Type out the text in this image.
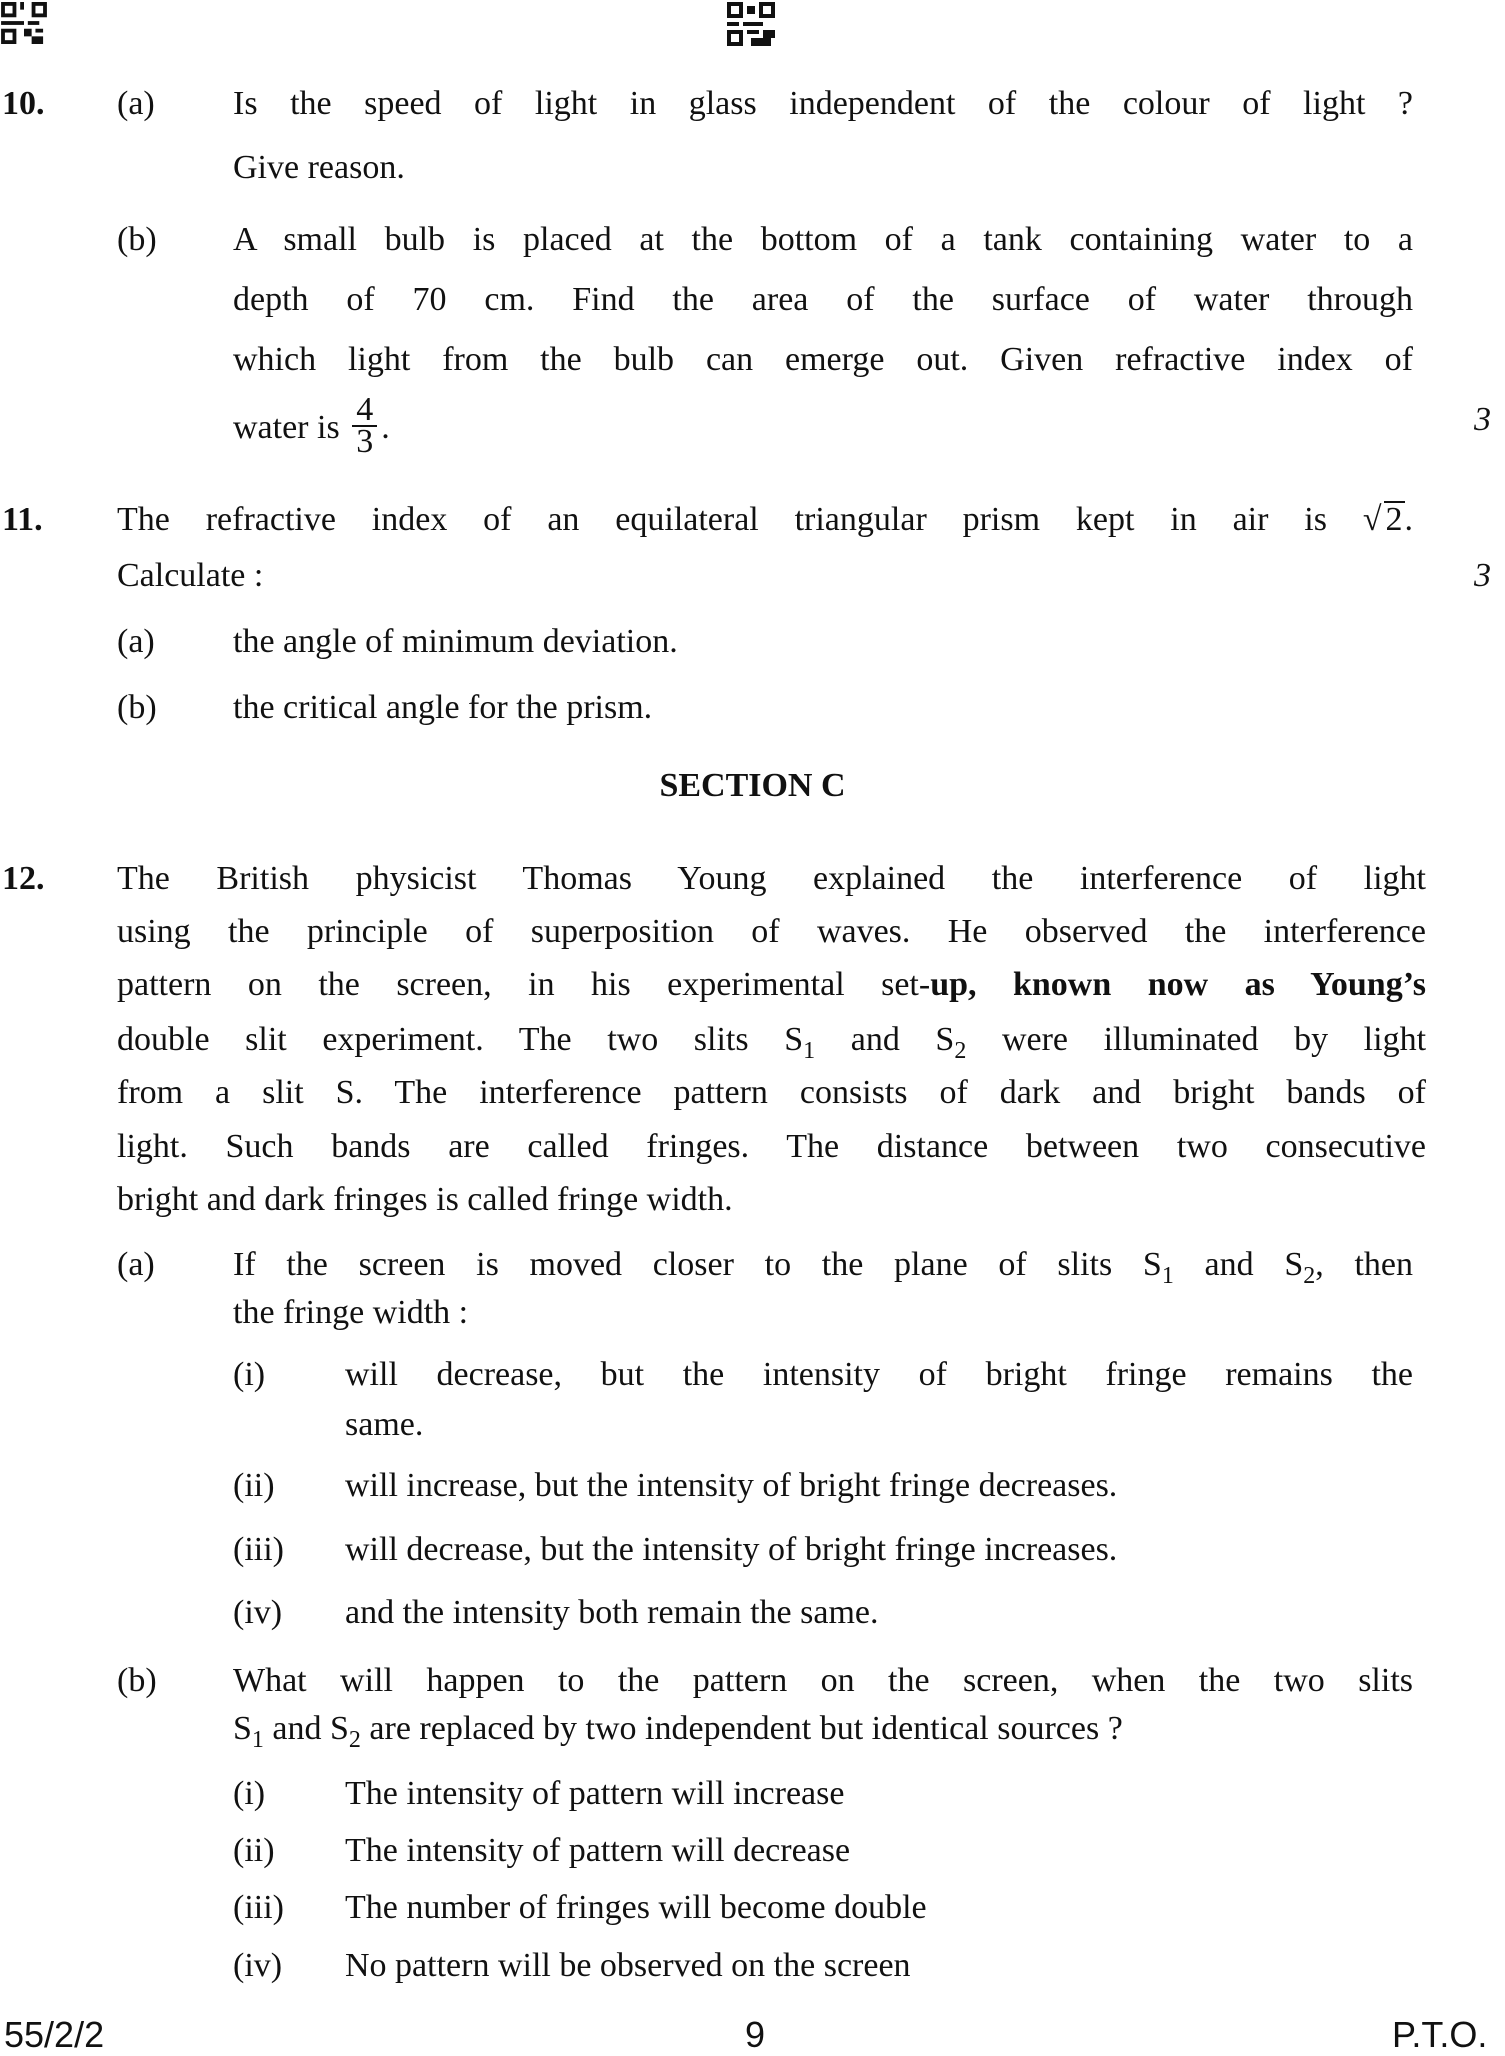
10. (a) Is the speed of light in glass independent of the colour of light ?
Give reason.
(b) A small bulb is placed at the bottom of a tank containing water to a
depth of 70 cm. Find the area of the surface of water through
which light from the bulb can emerge out. Given refractive index of
water is $\frac{4}{3}$ .	3
11. The refractive index of an equilateral triangular prism kept in air is √ 2.
Calculate :	3
(a) the angle of minimum deviation.
(b) the critical angle for the prism.
SECTION C
12. The British physicist Thomas Young explained the interference of light
using the principle of superposition of waves. He observed the interference
pattern on the screen, in his experimental set-up, known now as Young’s
double slit experiment. The two slits $S_1$ and $S_2$ were illuminated by light
from a slit S. The interference pattern consists of dark and bright bands of
light. Such bands are called fringes. The distance between two consecutive
bright and dark fringes is called fringe width.
(a) If the screen is moved closer to the plane of slits $S_1$ and $S_2$, then
the fringe width :
(i) will decrease, but the intensity of bright fringe remains the
same.
(ii) will increase, but the intensity of bright fringe decreases.
(iii) will decrease, but the intensity of bright fringe increases.
(iv) and the intensity both remain the same.
(b) What will happen to the pattern on the screen, when the two slits
$S_1$ and $S_2$ are replaced by two independent but identical sources ?
(i) The intensity of pattern will increase
(ii) The intensity of pattern will decrease
(iii) The number of fringes will become double
(iv) No pattern will be observed on the screen
55/2/2	9	P.T.O.
